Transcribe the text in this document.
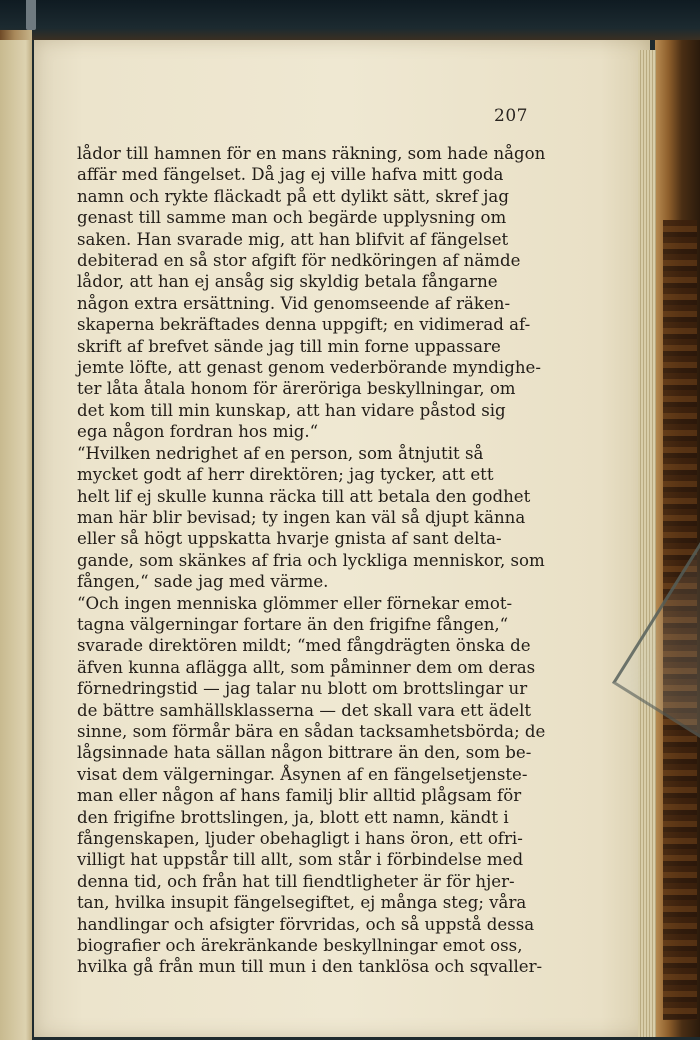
207
lådor till hamnen för en mans räkning, som hade någon
affär med fängelset. Då jag ej ville hafva mitt goda
namn och rykte fläckadt på ett dylikt sätt, skref jag
genast till samme man och begärde upplysning om
saken. Han svarade mig, att han blifvit af fängelset
debiterad en så stor afgift för nedköringen af nämde
lådor, att han ej ansåg sig skyldig betala fångarne
någon extra ersättning. Vid genomseende af räken-
skaperna bekräftades denna uppgift; en vidimerad af-
skrift af brefvet sände jag till min forne uppassare
jemte löfte, att genast genom vederbörande myndighe-
ter låta åtala honom för ärerörigа beskyllningar, om
det kom till min kunskap, att han vidare påstod sig
ega någon fordran hos mig.“
“Hvilken nedrighet af en person, som åtnjutit så
mycket godt af herr direktören; jag tycker, att ett
helt lif ej skulle kunna räcka till att betala den godhet
man här blir bevisad; ty ingen kan väl så djupt känna
eller så högt uppskatta hvarje gnista af sant delta-
gande, som skänkes af fria och lyckliga menniskor, som
fången,“ sade jag med värme.
“Och ingen menniska glömmer eller förnekar emot-
tagna välgerningar fortare än den frigifne fången,“
svarade direktören mildt; “med fångdrägten önska de
äfven kunna aflägga allt, som påminner dem om deras
förnedringstid — jag talar nu blott om brottslingar ur
de bättre samhällsklasserna — det skall vara ett ädelt
sinne, som förmår bära en sådan tacksamhetsbörda; de
lågsinnade hata sällan någon bittrare än den, som be-
visat dem välgerningar. Åsynen af en fängelsetjenste-
man eller någon af hans familj blir alltid plågsam för
den frigifne brottslingen, ja, blott ett namn, kändt i
fångenskapen, ljuder obehagligt i hans öron, ett ofri-
villigt hat uppstår till allt, som står i förbindelse med
denna tid, och från hat till fiendtligheter är för hjer-
tan, hvilka insupit fängelsegiftet, ej många steg; våra
handlingar och afsigter förvridas, och så uppstå dessa
biografier och ärekränkande beskyllningar emot oss,
hvilka gå från mun till mun i den tanklösa och sqvaller-
